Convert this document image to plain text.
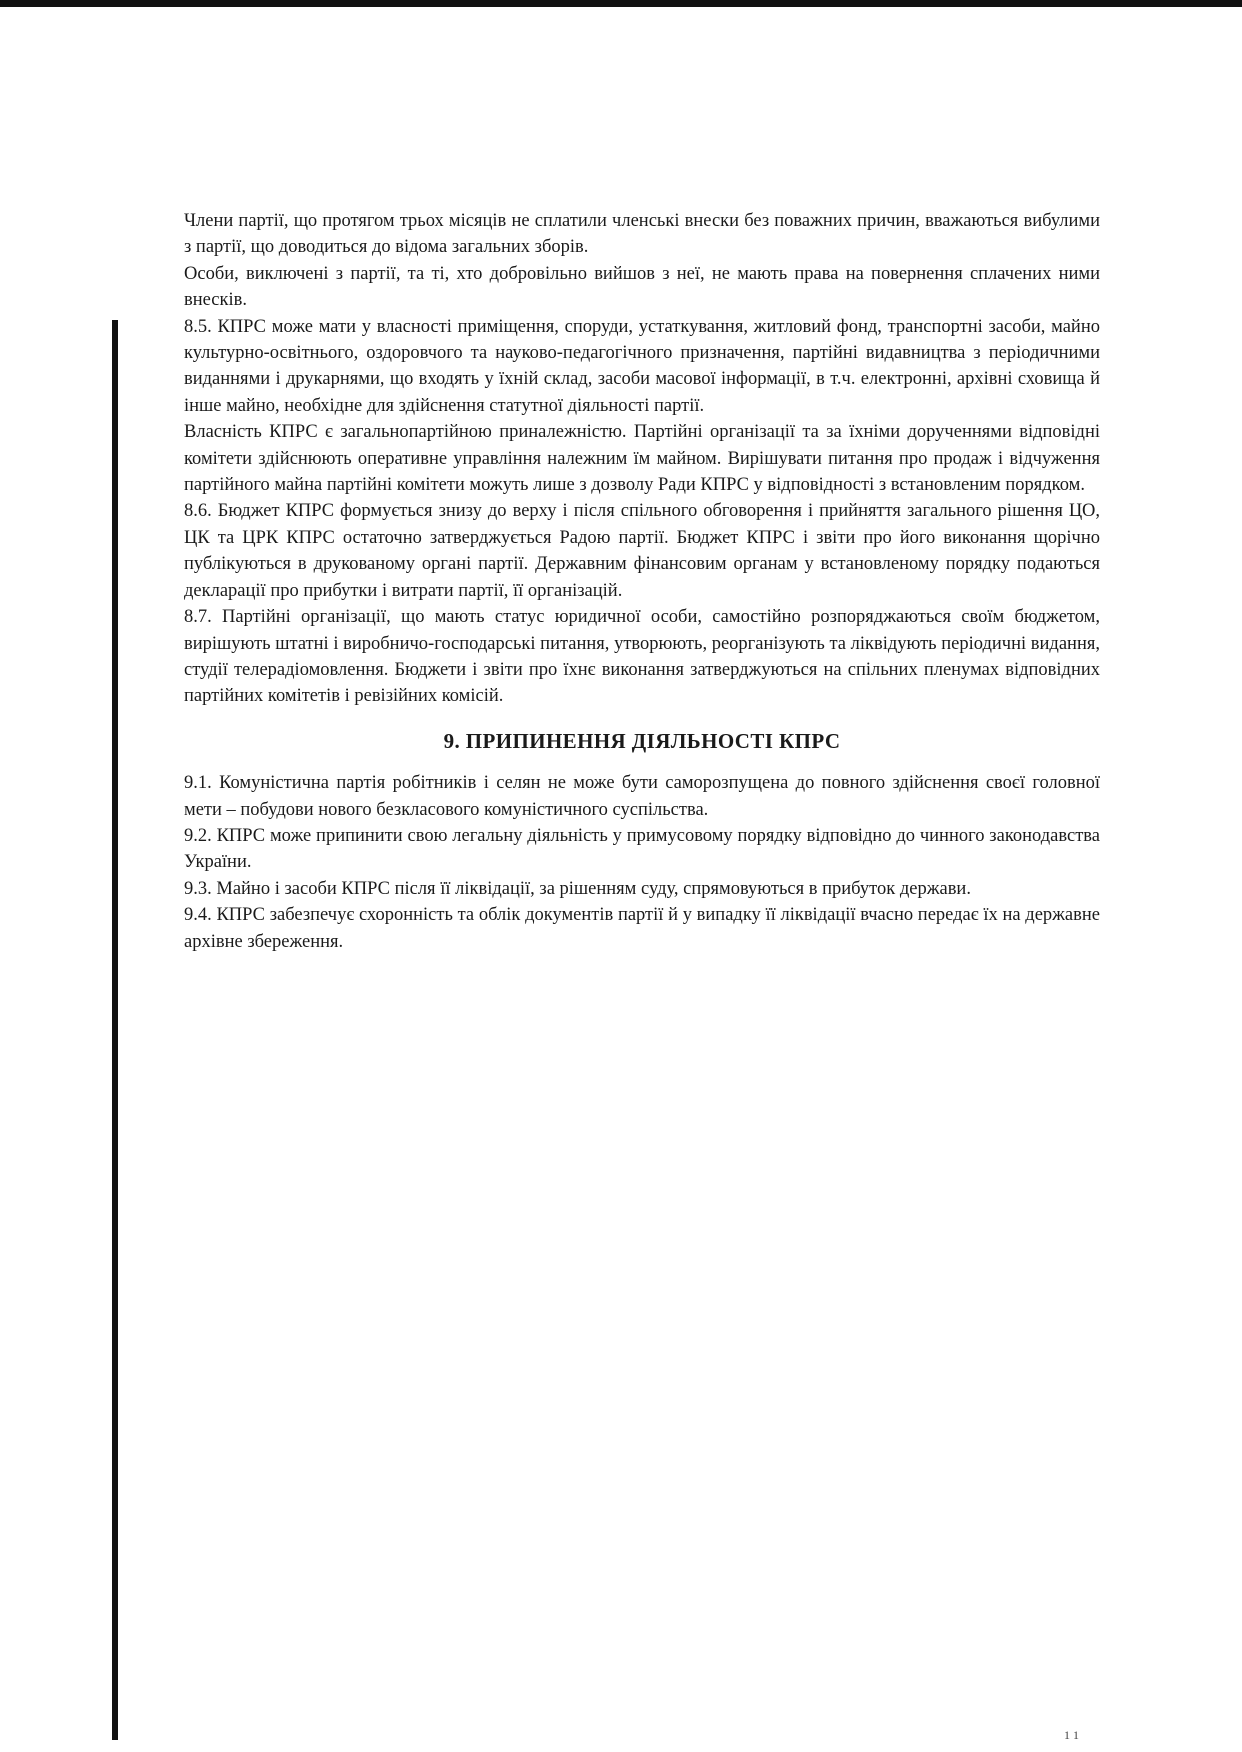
Члени партії, що протягом трьох місяців не сплатили членські внески без поважних причин, вважаються вибулими з партії, що доводиться до відома загальних зборів.

Особи, виключені з партії, та ті, хто добровільно вийшов з неї, не мають права на повернення сплачених ними внесків.

8.5. КПРС може мати у власності приміщення, споруди, устаткування, житловий фонд, транспортні засоби, майно культурно-освітнього, оздоровчого та науково-педагогічного призначення, партійні видавництва з періодичними виданнями і друкарнями, що входять у їхній склад, засоби масової інформації, в т.ч. електронні, архівні сховища й інше майно, необхідне для здійснення статутної діяльності партії.

Власність КПРС є загальнопартійною приналежністю. Партійні організації та за їхніми дорученнями відповідні комітети здійснюють оперативне управління належним їм майном. Вирішувати питання про продаж і відчуження партійного майна партійні комітети можуть лише з дозволу Ради КПРС у відповідності з встановленим порядком.

8.6. Бюджет КПРС формується знизу до верху і після спільного обговорення і прийняття загального рішення ЦО, ЦК та ЦРК КПРС остаточно затверджується Радою партії. Бюджет КПРС і звіти про його виконання щорічно публікуються в друкованому органі партії. Державним фінансовим органам у встановленому порядку подаються декларації про прибутки і витрати партії, її організацій.

8.7. Партійні організації, що мають статус юридичної особи, самостійно розпоряджаються своїм бюджетом, вирішують штатні і виробничо-господарські питання, утворюють, реорганізують та ліквідують періодичні видання, студії телерадіомовлення. Бюджети і звіти про їхнє виконання затверджуються на спільних пленумах відповідних партійних комітетів і ревізійних комісій.

9. ПРИПИНЕННЯ ДІЯЛЬНОСТІ КПРС

9.1. Комуністична партія робітників і селян не може бути саморозпущена до повного здійснення своєї головної мети – побудови нового безкласового комуністичного суспільства.

9.2. КПРС може припинити свою легальну діяльність у примусовому порядку відповідно до чинного законодавства України.

9.3. Майно і засоби КПРС після її ліквідації, за рішенням суду, спрямовуються в прибуток держави.

9.4. КПРС забезпечує схоронність та облік документів партії й у випадку її ліквідації вчасно передає їх на державне архівне збереження.

1 1
